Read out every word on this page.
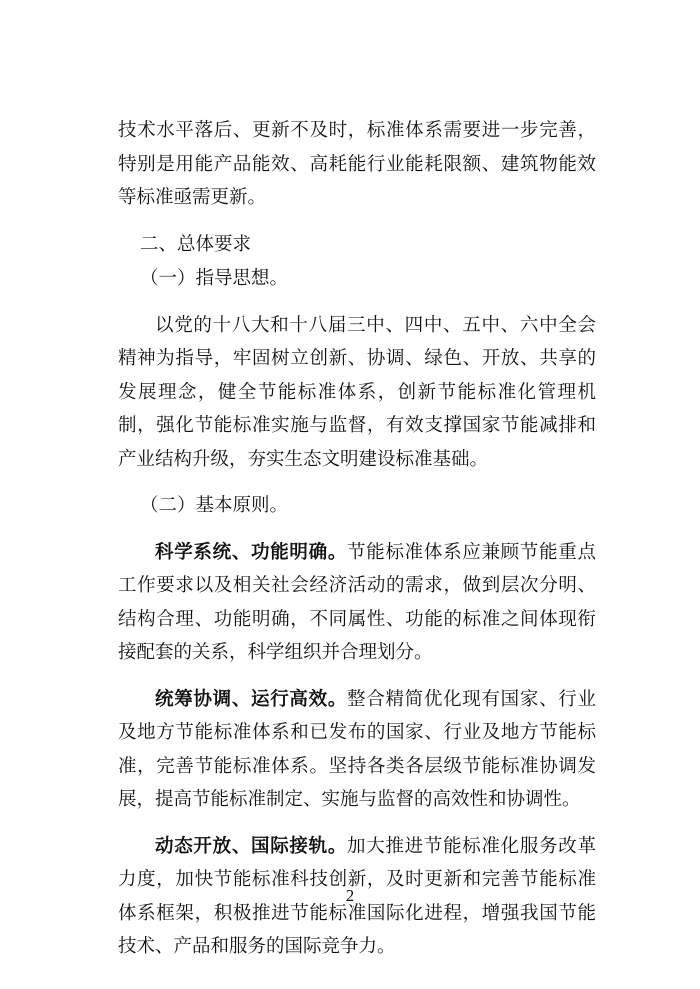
技术水平落后、更新不及时，标准体系需要进一步完善，特别是用能产品能效、高耗能行业能耗限额、建筑物能效等标准亟需更新。

二、总体要求

（一）指导思想。

以党的十八大和十八届三中、四中、五中、六中全会精神为指导，牢固树立创新、协调、绿色、开放、共享的发展理念，健全节能标准体系，创新节能标准化管理机制，强化节能标准实施与监督，有效支撑国家节能减排和产业结构升级，夯实生态文明建设标准基础。

（二）基本原则。

科学系统、功能明确。节能标准体系应兼顾节能重点工作要求以及相关社会经济活动的需求，做到层次分明、结构合理、功能明确，不同属性、功能的标准之间体现衔接配套的关系，科学组织并合理划分。

统筹协调、运行高效。整合精简优化现有国家、行业及地方节能标准体系和已发布的国家、行业及地方节能标准，完善节能标准体系。坚持各类各层级节能标准协调发展，提高节能标准制定、实施与监督的高效性和协调性。

动态开放、国际接轨。加大推进节能标准化服务改革力度，加快节能标准科技创新，及时更新和完善节能标准体系框架，积极推进节能标准国际化进程，增强我国节能技术、产品和服务的国际竞争力。

2
